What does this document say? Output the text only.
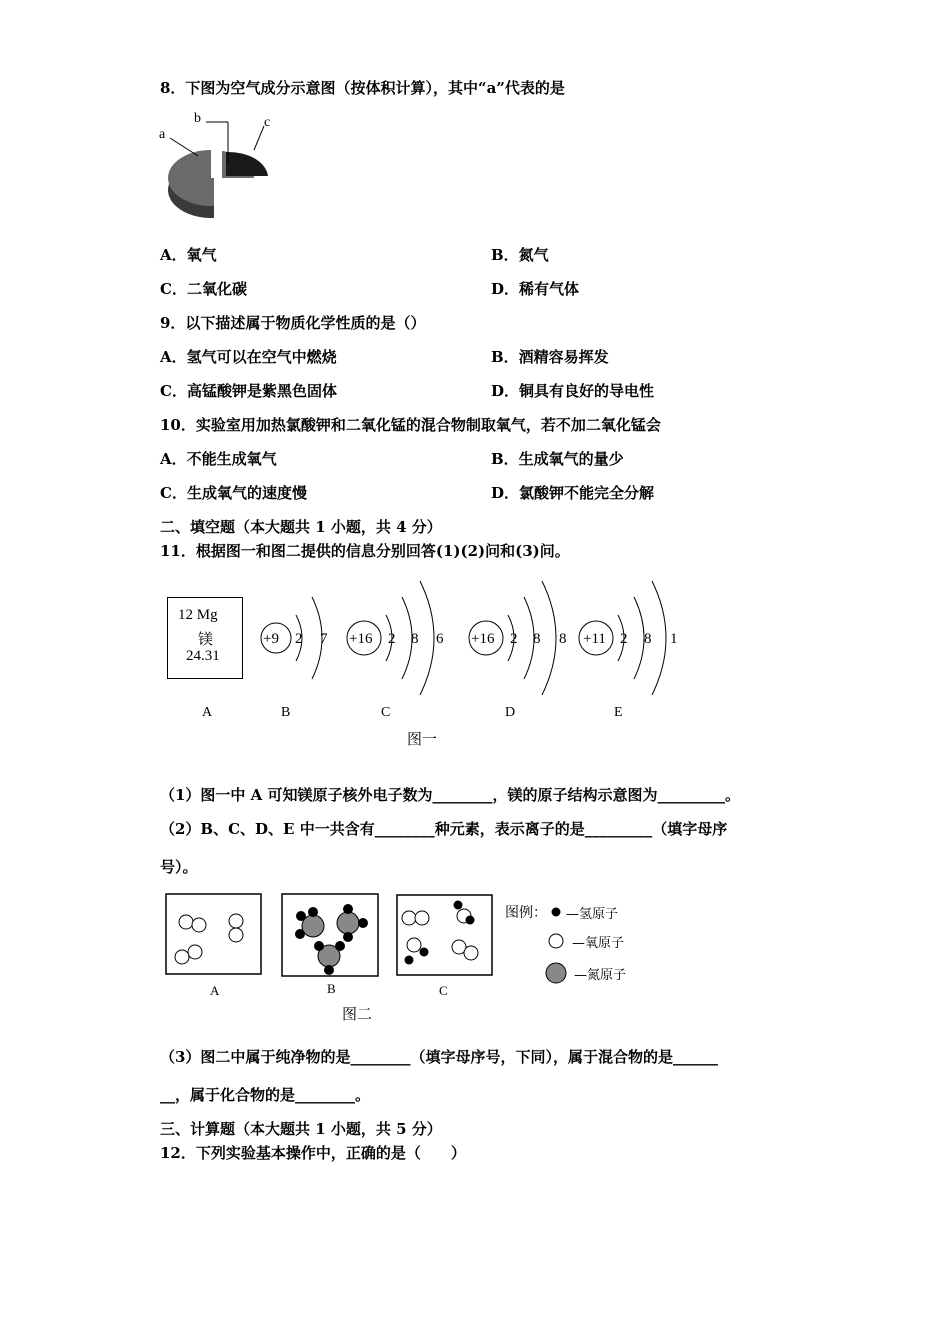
8．下图为空气成分示意图（按体积计算），其中“a”代表的是
a
b	c
A．氧气	B．氮气
C．二氧化碳	D．稀有气体
9．以下描述属于物质化学性质的是（）
A．氢气可以在空气中燃烧	B．酒精容易挥发
C．高锰酸钾是紫黑色固体	D．铜具有良好的导电性
10．实验室用加热氯酸钾和二氧化锰的混合物制取氧气，若不加二氧化锰会
A．不能生成氧气	B．生成氧气的量少
C．生成氧气的速度慢	D．氯酸钾不能完全分解
二、填空题（本大题共 1 小题，共 4 分）
11．根据图一和图二提供的信息分别回答(1)(2)问和(3)问。
12 Mg
镁
24.31
+9 2 7 +16 2 8 6 +16 2 8 8 +11 2 8 1
A	B	C	D	E
图一
（1）图一中 A 可知镁原子核外电子数为________，镁的原子结构示意图为_________。
（2）B、C、D、E 中一共含有________种元素，表示离子的是_________（填字母序
号）。
A	B	C
图二
图例： —氢原子
—氧原子
—氮原子
（3）图二中属于纯净物的是________（填字母序号，下同），属于混合物的是______
__，属于化合物的是________。
三、计算题（本大题共 1 小题，共 5 分）
12．下列实验基本操作中，正确的是（　　）
